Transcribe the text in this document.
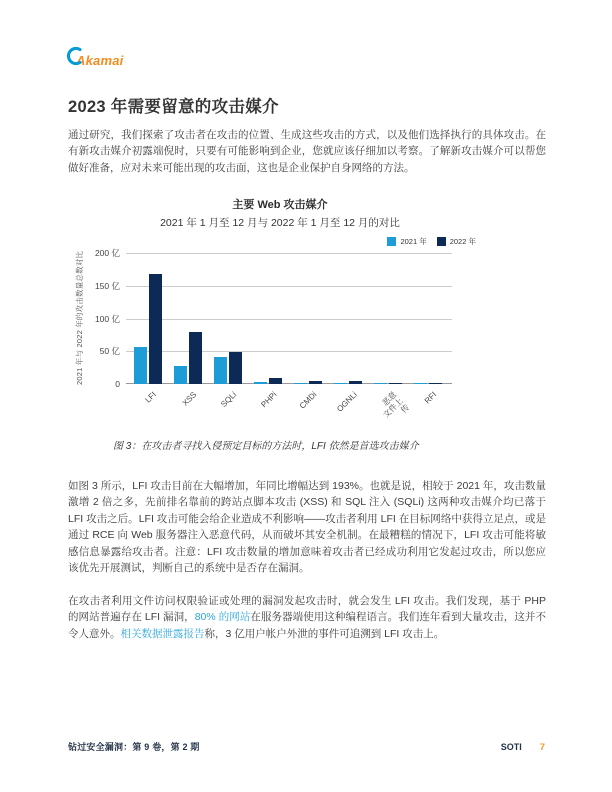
Akamai
2023 年需要留意的攻击媒介
通过研究，我们探索了攻击者在攻击的位置、生成这些攻击的方式，以及他们选择执行的具体攻击。在有新攻击媒介初露端倪时，只要有可能影响到企业，您就应该仔细加以考察。了解新攻击媒介可以帮您做好准备，应对未来可能出现的攻击面，这也是企业保护自身网络的方法。
主要 Web 攻击媒介
2021 年 1 月至 12 月与 2022 年 1 月至 12 月的对比
2021 年	2022 年
2021 年与 2022 年的攻击数量总数对比 200 亿
150 亿
100 亿
50 亿
0
LFI	XSS	SQLi	PHPi CMDi OGNLi	恶意
文件上传
RFI
图 3：在攻击者寻找入侵预定目标的方法时，LFI 依然是首选攻击媒介
如图 3 所示，LFI 攻击目前在大幅增加，年同比增幅达到 193%。也就是说，相较于 2021 年，攻击数量激增 2 倍之多，先前排名靠前的跨站点脚本攻击 (XSS) 和 SQL 注入 (SQLi) 这两种攻击媒介均已落于 LFI 攻击之后。LFI 攻击可能会给企业造成不利影响——攻击者利用 LFI 在目标网络中获得立足点，或是通过 RCE 向 Web 服务器注入恶意代码，从而破坏其安全机制。在最糟糕的情况下，LFI 攻击可能将敏感信息暴露给攻击者。注意：LFI 攻击数量的增加意味着攻击者已经成功利用它发起过攻击，所以您应该优先开展测试，判断自己的系统中是否存在漏洞。
在攻击者利用文件访问权限验证或处理的漏洞发起攻击时，就会发生 LFI 攻击。我们发现，基于 PHP 的网站普遍存在 LFI 漏洞，80% 的网站在服务器端使用这种编程语言。我们连年看到大量攻击，这并不令人意外。相关数据泄露报告称，3 亿用户帐户外泄的事件可追溯到 LFI 攻击上。
钻过安全漏洞：第 9 卷，第 2 期	SOTI 7
